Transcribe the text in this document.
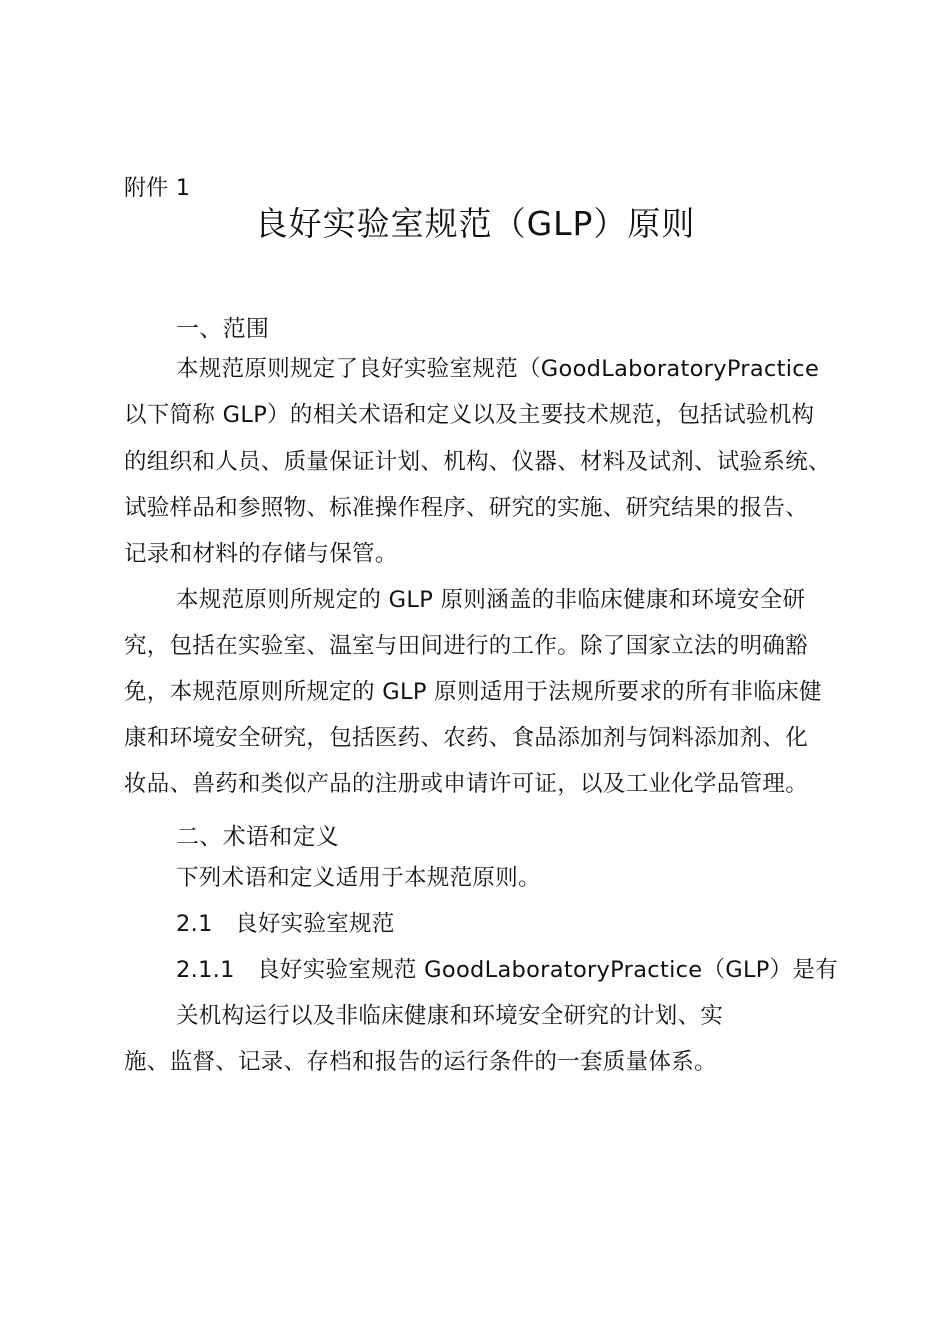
附件 1
良好实验室规范（GLP）原则
一、范围
本规范原则规定了良好实验室规范（GoodLaboratoryPractice
以下简称 GLP）的相关术语和定义以及主要技术规范，包括试验机构
的组织和人员、质量保证计划、机构、仪器、材料及试剂、试验系统、
试验样品和参照物、标准操作程序、研究的实施、研究结果的报告、
记录和材料的存储与保管。
本规范原则所规定的 GLP 原则涵盖的非临床健康和环境安全研
究，包括在实验室、温室与田间进行的工作。除了国家立法的明确豁
免，本规范原则所规定的 GLP 原则适用于法规所要求的所有非临床健
康和环境安全研究，包括医药、农药、食品添加剂与饲料添加剂、化
妆品、兽药和类似产品的注册或申请许可证，以及工业化学品管理。
二、术语和定义
下列术语和定义适用于本规范原则。
2.1   良好实验室规范
2.1.1   良好实验室规范 GoodLaboratoryPractice（GLP）是有
关机构运行以及非临床健康和环境安全研究的计划、实
施、监督、记录、存档和报告的运行条件的一套质量体系。
